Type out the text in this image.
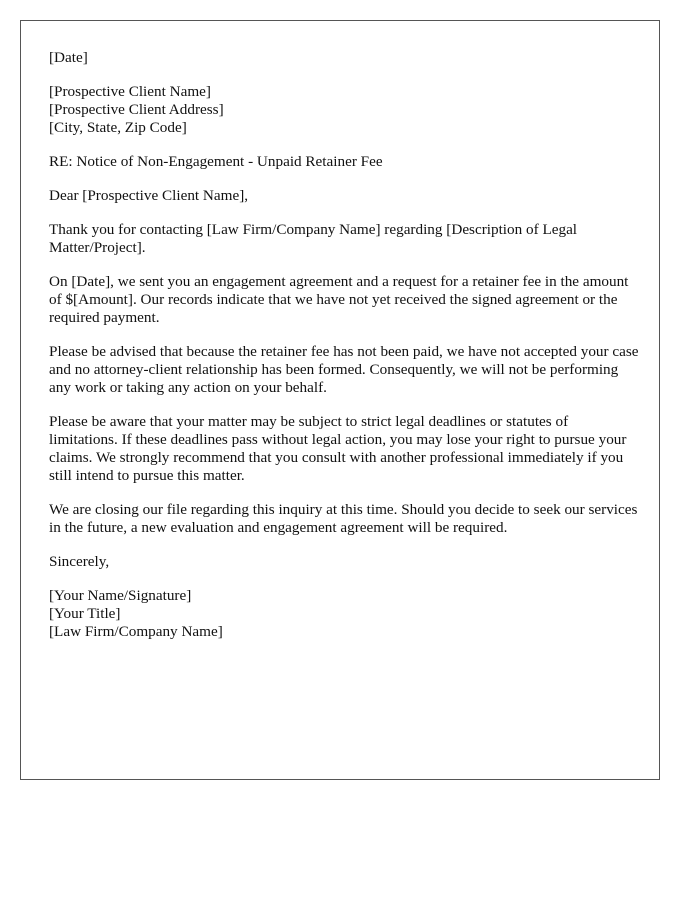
[Date]
[Prospective Client Name]
[Prospective Client Address]
[City, State, Zip Code]
RE: Notice of Non-Engagement - Unpaid Retainer Fee
Dear [Prospective Client Name],

Thank you for contacting [Law Firm/Company Name] regarding [Description of Legal Matter/Project].

On [Date], we sent you an engagement agreement and a request for a retainer fee in the amount of $[Amount]. Our records indicate that we have not yet received the signed agreement or the required payment.

Please be advised that because the retainer fee has not been paid, we have not accepted your case and no attorney-client relationship has been formed. Consequently, we will not be performing any work or taking any action on your behalf.

Please be aware that your matter may be subject to strict legal deadlines or statutes of limitations. If these deadlines pass without legal action, you may lose your right to pursue your claims. We strongly recommend that you consult with another professional immediately if you still intend to pursue this matter.

We are closing our file regarding this inquiry at this time. Should you decide to seek our services in the future, a new evaluation and engagement agreement will be required.

Sincerely,
[Your Name/Signature]
[Your Title]
[Law Firm/Company Name]
